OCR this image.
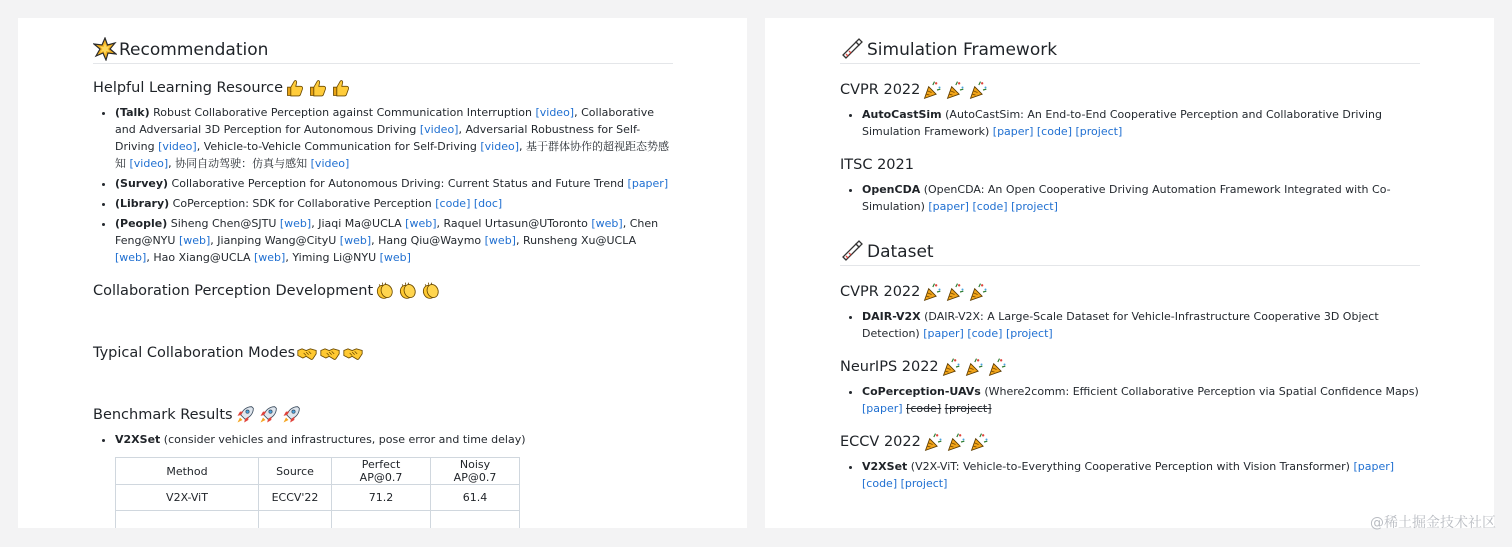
Recommendation
Helpful Learning Resource
• (Talk) Robust Collaborative Perception against Communication Interruption [video], Collaborative and Adversarial 3D Perception for Autonomous Driving [video], Adversarial Robustness for Self-Driving [video], Vehicle-to-Vehicle Communication for Self-Driving [video], 基于群体协作的超视距态势感知 [video], 协同自动驾驶：仿真与感知 [video]
• (Survey) Collaborative Perception for Autonomous Driving: Current Status and Future Trend [paper]
• (Library) CoPerception: SDK for Collaborative Perception [code] [doc]
• (People) Siheng Chen@SJTU [web], Jiaqi Ma@UCLA [web], Raquel Urtasun@UToronto [web], Chen Feng@NYU [web], Jianping Wang@CityU [web], Hang Qiu@Waymo [web], Runsheng Xu@UCLA [web], Hao Xiang@UCLA [web], Yiming Li@NYU [web]
Collaboration Perception Development
Typical Collaboration Modes
Benchmark Results
• V2XSet (consider vehicles and infrastructures, pose error and time delay)
Method	Source	Perfect AP@0.7	Noisy AP@0.7
V2X-ViT	ECCV'22	71.2	61.4

Simulation Framework
CVPR 2022
• AutoCastSim (AutoCastSim: An End-to-End Cooperative Perception and Collaborative Driving Simulation Framework) [paper] [code] [project]
ITSC 2021
• OpenCDA (OpenCDA: An Open Cooperative Driving Automation Framework Integrated with Co-Simulation) [paper] [code] [project]
Dataset
CVPR 2022
• DAIR-V2X (DAIR-V2X: A Large-Scale Dataset for Vehicle-Infrastructure Cooperative 3D Object Detection) [paper] [code] [project]
NeurIPS 2022
• CoPerception-UAVs (Where2comm: Efficient Collaborative Perception via Spatial Confidence Maps) [paper] [code] [project]
ECCV 2022
• V2XSet (V2X-ViT: Vehicle-to-Everything Cooperative Perception with Vision Transformer) [paper] [code] [project]
@稀土掘金技术社区
